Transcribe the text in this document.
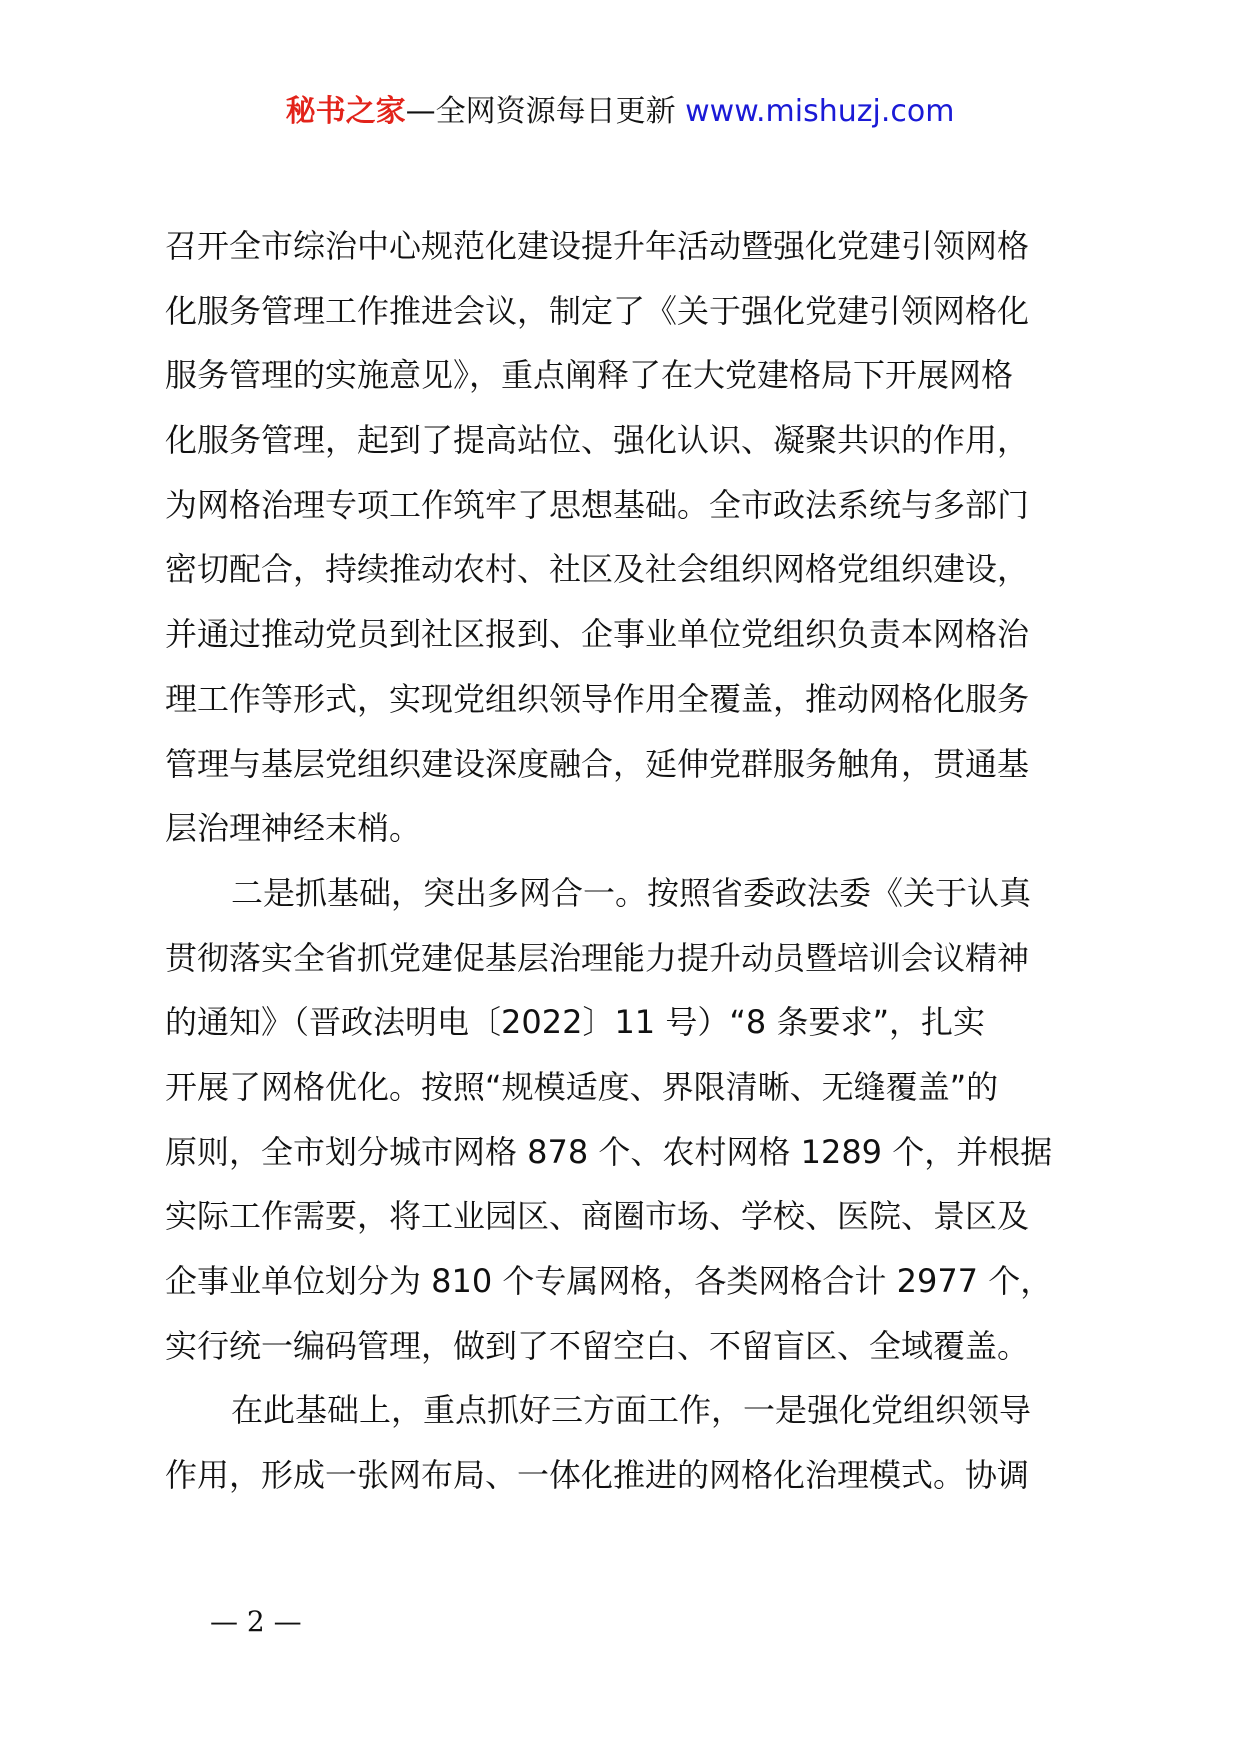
秘书之家—全网资源每日更新 www.mishuzj.com
召开全市综治中心规范化建设提升年活动暨强化党建引领网格
化服务管理工作推进会议，制定了《关于强化党建引领网格化
服务管理的实施意见》，重点阐释了在大党建格局下开展网格
化服务管理，起到了提高站位、强化认识、凝聚共识的作用，
为网格治理专项工作筑牢了思想基础。全市政法系统与多部门
密切配合，持续推动农村、社区及社会组织网格党组织建设，
并通过推动党员到社区报到、企事业单位党组织负责本网格治
理工作等形式，实现党组织领导作用全覆盖，推动网格化服务
管理与基层党组织建设深度融合，延伸党群服务触角，贯通基
层治理神经末梢。
二是抓基础，突出多网合一。按照省委政法委《关于认真
贯彻落实全省抓党建促基层治理能力提升动员暨培训会议精神
的通知》（晋政法明电〔2022〕11 号）“8 条要求”，扎实
开展了网格优化。按照“规模适度、界限清晰、无缝覆盖”的
原则，全市划分城市网格 878 个、农村网格 1289 个，并根据
实际工作需要，将工业园区、商圈市场、学校、医院、景区及
企事业单位划分为 810 个专属网格，各类网格合计 2977 个，
实行统一编码管理，做到了不留空白、不留盲区、全域覆盖。
在此基础上，重点抓好三方面工作，一是强化党组织领导
作用，形成一张网布局、一体化推进的网格化治理模式。协调
— 2 —
